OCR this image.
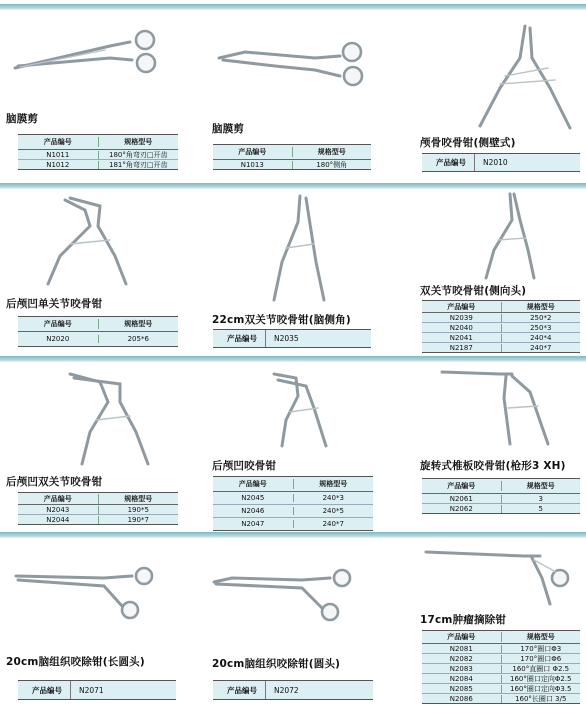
脑膜剪
产品编号	规格型号
N1011	180°角弯刃□开齿
N1012	181°角弯刃□开齿
脑膜剪
产品编号	规格型号
N1013	180°侧角
颅骨咬骨钳(侧壁式)
产品编号	N2010
后颅凹单关节咬骨钳
产品编号	规格型号
N2020	205*6
22cm双关节咬骨钳(脑侧角)
产品编号	N2035
双关节咬骨钳(侧向头)
产品编号	规格型号
N2039	250*2
N2040	250*3
N2041	240*4
N2187	240*7
后颅凹双关节咬骨钳
产品编号	规格型号
N2043	190*5
N2044	190*7
后颅凹咬骨钳
产品编号	规格型号
N2045	240*3
N2046	240*5
N2047	240*7
旋转式椎板咬骨钳(枪形3 XH)
产品编号	规格型号
N2061	3
N2062	5
20cm脑组织咬除钳(长圆头)
产品编号	N2071
20cm脑组织咬除钳(圆头)
产品编号	N2072
17cm肿瘤摘除钳
产品编号	规格型号
N2081	170°圈口Φ3
N2082	170°圈口Φ6
N2083	160°直圈口 Φ2.5
N2084	160°圈口定向Φ2.5
N2085	160°圈口定向Φ3.5
N2086	160°长圈口 3/5
